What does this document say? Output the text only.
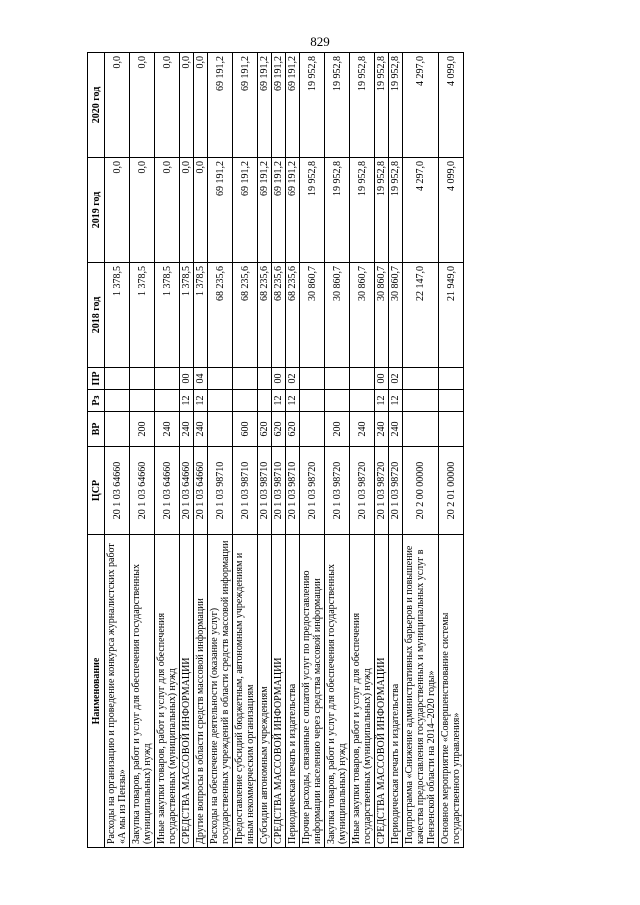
829
Наименование	ЦСР	ВР	Рз	ПР	2018 год	2019 год	2020 год
Расходы на организацию и проведение конкурса журналистских работ «А мы из Пензы»	20 1 03 64660				1 378,5	0,0	0,0
Закупка товаров, работ и услуг для обеспечения государственных (муниципальных) нужд	20 1 03 64660	200			1 378,5	0,0	0,0
Иные закупки товаров, работ и услуг для обеспечения государственных (муниципальных) нужд	20 1 03 64660	240			1 378,5	0,0	0,0
СРЕДСТВА МАССОВОЙ ИНФОРМАЦИИ	20 1 03 64660	240	12	00	1 378,5	0,0	0,0
Другие вопросы в области средств массовой информации	20 1 03 64660	240	12	04	1 378,5	0,0	0,0
Расходы на обеспечение деятельности (оказание услуг) государственных учреждений в области средств массовой информации	20 1 03 98710				68 235,6	69 191,2	69 191,2
Предоставление субсидий бюджетным, автономным учреждениям и иным некоммерческим организациям	20 1 03 98710	600			68 235,6	69 191,2	69 191,2
Субсидии автономным учреждениям	20 1 03 98710	620			68 235,6	69 191,2	69 191,2
СРЕДСТВА МАССОВОЙ ИНФОРМАЦИИ	20 1 03 98710	620	12	00	68 235,6	69 191,2	69 191,2
Периодическая печать и издательства	20 1 03 98710	620	12	02	68 235,6	69 191,2	69 191,2
Прочие расходы, связанные с оплатой услуг по предоставлению информации населению через средства массовой информации	20 1 03 98720				30 860,7	19 952,8	19 952,8
Закупка товаров, работ и услуг для обеспечения государственных (муниципальных) нужд	20 1 03 98720	200			30 860,7	19 952,8	19 952,8
Иные закупки товаров, работ и услуг для обеспечения государственных (муниципальных) нужд	20 1 03 98720	240			30 860,7	19 952,8	19 952,8
СРЕДСТВА МАССОВОЙ ИНФОРМАЦИИ	20 1 03 98720	240	12	00	30 860,7	19 952,8	19 952,8
Периодическая печать и издательства	20 1 03 98720	240	12	02	30 860,7	19 952,8	19 952,8
Подпрограмма «Снижение административных барьеров и повышение качества предоставления государственных и муниципальных услуг в Пензенской области на 2014–2020 годы»	20 2 00 00000				22 147,0	4 297,0	4 297,0
Основное мероприятие «Совершенствование системы государственного управления»	20 2 01 00000				21 949,0	4 099,0	4 099,0
